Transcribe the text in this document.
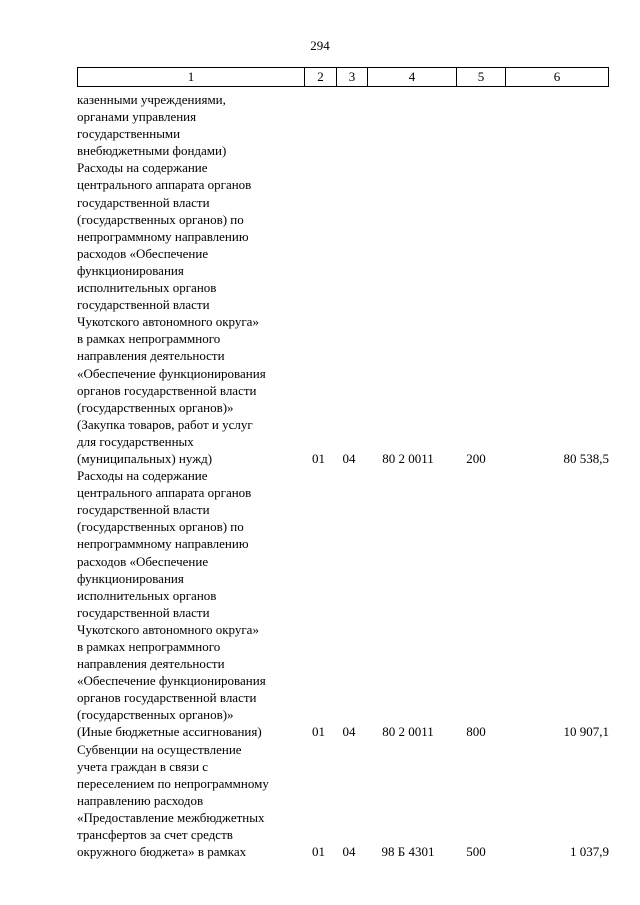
294
1	2	3	4	5	6
казенными учреждениями,
органами управления
государственными
внебюджетными фондами)
Расходы на содержание
центрального аппарата органов
государственной власти
(государственных органов) по
непрограммному направлению
расходов «Обеспечение
функционирования
исполнительных органов
государственной власти
Чукотского автономного округа»
в рамках непрограммного
направления деятельности
«Обеспечение функционирования
органов государственной власти
(государственных органов)»
(Закупка товаров, работ и услуг
для государственных
(муниципальных) нужд)	01	04	80 2 0011	200	80 538,5
Расходы на содержание
центрального аппарата органов
государственной власти
(государственных органов) по
непрограммному направлению
расходов «Обеспечение
функционирования
исполнительных органов
государственной власти
Чукотского автономного округа»
в рамках непрограммного
направления деятельности
«Обеспечение функционирования
органов государственной власти
(государственных органов)»
(Иные бюджетные ассигнования)	01	04	80 2 0011	800	10 907,1
Субвенции на осуществление
учета граждан в связи с
переселением по непрограммному
направлению расходов
«Предоставление межбюджетных
трансфертов за счет средств
окружного бюджета» в рамках	01	04	98 Б 4301	500	1 037,9
